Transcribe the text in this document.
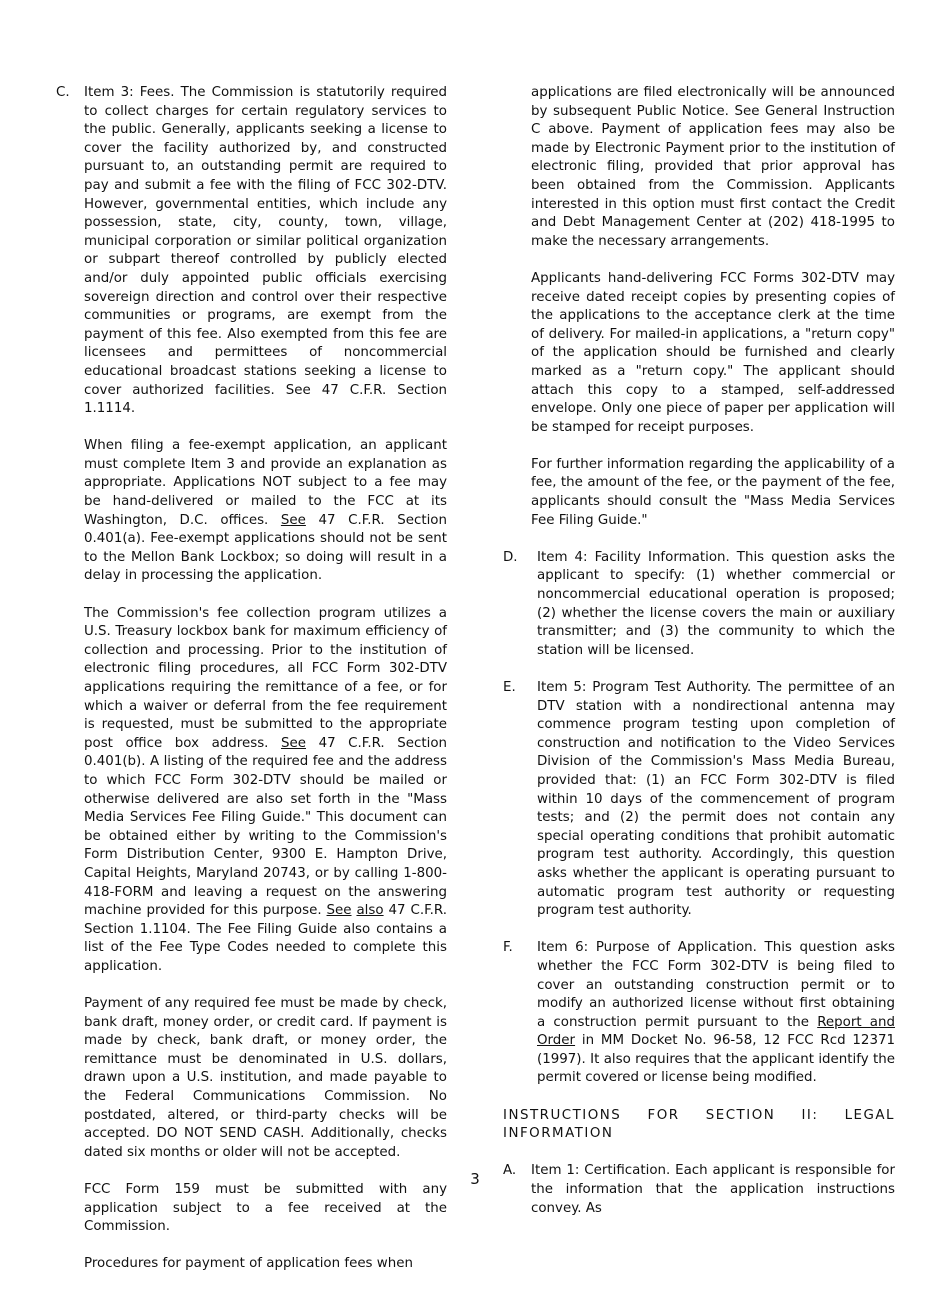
C. Item 3: Fees. The Commission is statutorily required to collect charges for certain regulatory services to the public. Generally, applicants seeking a license to cover the facility authorized by, and constructed pursuant to, an outstanding permit are required to pay and submit a fee with the filing of FCC 302-DTV. However, governmental entities, which include any possession, state, city, county, town, village, municipal corporation or similar political organization or subpart thereof controlled by publicly elected and/or duly appointed public officials exercising sovereign direction and control over their respective communities or programs, are exempt from the payment of this fee. Also exempted from this fee are licensees and permittees of noncommercial educational broadcast stations seeking a license to cover authorized facilities. See 47 C.F.R. Section 1.1114.

When filing a fee-exempt application, an applicant must complete Item 3 and provide an explanation as appropriate. Applications NOT subject to a fee may be hand-delivered or mailed to the FCC at its Washington, D.C. offices. See 47 C.F.R. Section 0.401(a). Fee-exempt applications should not be sent to the Mellon Bank Lockbox; so doing will result in a delay in processing the application.

The Commission's fee collection program utilizes a U.S. Treasury lockbox bank for maximum efficiency of collection and processing. Prior to the institution of electronic filing procedures, all FCC Form 302-DTV applications requiring the remittance of a fee, or for which a waiver or deferral from the fee requirement is requested, must be submitted to the appropriate post office box address. See 47 C.F.R. Section 0.401(b). A listing of the required fee and the address to which FCC Form 302-DTV should be mailed or otherwise delivered are also set forth in the "Mass Media Services Fee Filing Guide." This document can be obtained either by writing to the Commission's Form Distribution Center, 9300 E. Hampton Drive, Capital Heights, Maryland 20743, or by calling 1-800-418-FORM and leaving a request on the answering machine provided for this purpose. See also 47 C.F.R. Section 1.1104. The Fee Filing Guide also contains a list of the Fee Type Codes needed to complete this application.

Payment of any required fee must be made by check, bank draft, money order, or credit card. If payment is made by check, bank draft, or money order, the remittance must be denominated in U.S. dollars, drawn upon a U.S. institution, and made payable to the Federal Communications Commission. No postdated, altered, or third-party checks will be accepted. DO NOT SEND CASH. Additionally, checks dated six months or older will not be accepted.

FCC Form 159 must be submitted with any application subject to a fee received at the Commission.

Procedures for payment of application fees when

applications are filed electronically will be announced by subsequent Public Notice. See General Instruction C above. Payment of application fees may also be made by Electronic Payment prior to the institution of electronic filing, provided that prior approval has been obtained from the Commission. Applicants interested in this option must first contact the Credit and Debt Management Center at (202) 418-1995 to make the necessary arrangements.

Applicants hand-delivering FCC Forms 302-DTV may receive dated receipt copies by presenting copies of the applications to the acceptance clerk at the time of delivery. For mailed-in applications, a "return copy" of the application should be furnished and clearly marked as a "return copy." The applicant should attach this copy to a stamped, self-addressed envelope. Only one piece of paper per application will be stamped for receipt purposes.

For further information regarding the applicability of a fee, the amount of the fee, or the payment of the fee, applicants should consult the "Mass Media Services Fee Filing Guide."

D. Item 4: Facility Information. This question asks the applicant to specify: (1) whether commercial or noncommercial educational operation is proposed; (2) whether the license covers the main or auxiliary transmitter; and (3) the community to which the station will be licensed.

E. Item 5: Program Test Authority. The permittee of an DTV station with a nondirectional antenna may commence program testing upon completion of construction and notification to the Video Services Division of the Commission's Mass Media Bureau, provided that: (1) an FCC Form 302-DTV is filed within 10 days of the commencement of program tests; and (2) the permit does not contain any special operating conditions that prohibit automatic program test authority. Accordingly, this question asks whether the applicant is operating pursuant to automatic program test authority or requesting program test authority.

F. Item 6: Purpose of Application. This question asks whether the FCC Form 302-DTV is being filed to cover an outstanding construction permit or to modify an authorized license without first obtaining a construction permit pursuant to the Report and Order in MM Docket No. 96-58, 12 FCC Rcd 12371 (1997). It also requires that the applicant identify the permit covered or license being modified.

INSTRUCTIONS FOR SECTION II: LEGAL INFORMATION
A. Item 1: Certification. Each applicant is responsible for the information that the application instructions convey. As

3
